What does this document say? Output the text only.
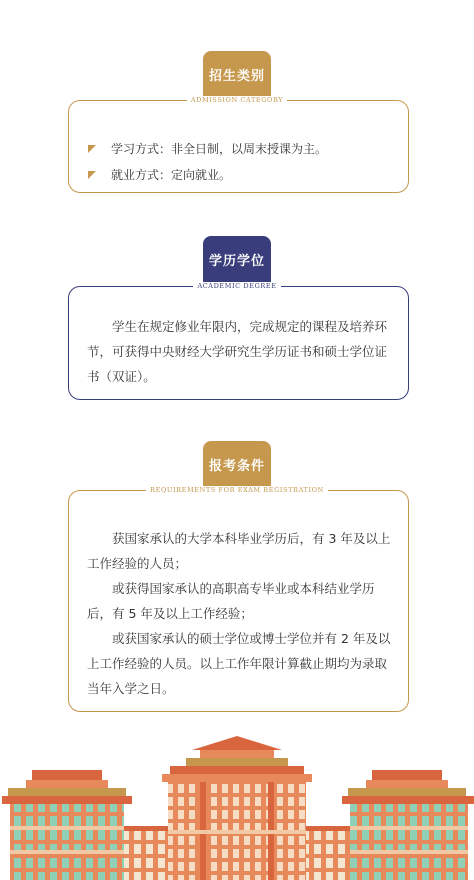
招生类别
ADMISSION CATEGORY
学习方式：非全日制，以周末授课为主。
就业方式：定向就业。
学历学位
ACADEMIC DEGREE
学生在规定修业年限内，完成规定的课程及培养环
节，可获得中央财经大学研究生学历证书和硕士学位证
书（双证）。
报考条件
REQUIREMENTS FOR EXAM REGISTRATION
获国家承认的大学本科毕业学历后，有 3 年及以上
工作经验的人员；
或获得国家承认的高职高专毕业或本科结业学历
后，有 5 年及以上工作经验；
或获国家承认的硕士学位或博士学位并有 2 年及以
上工作经验的人员。以上工作年限计算截止期均为录取
当年入学之日。
